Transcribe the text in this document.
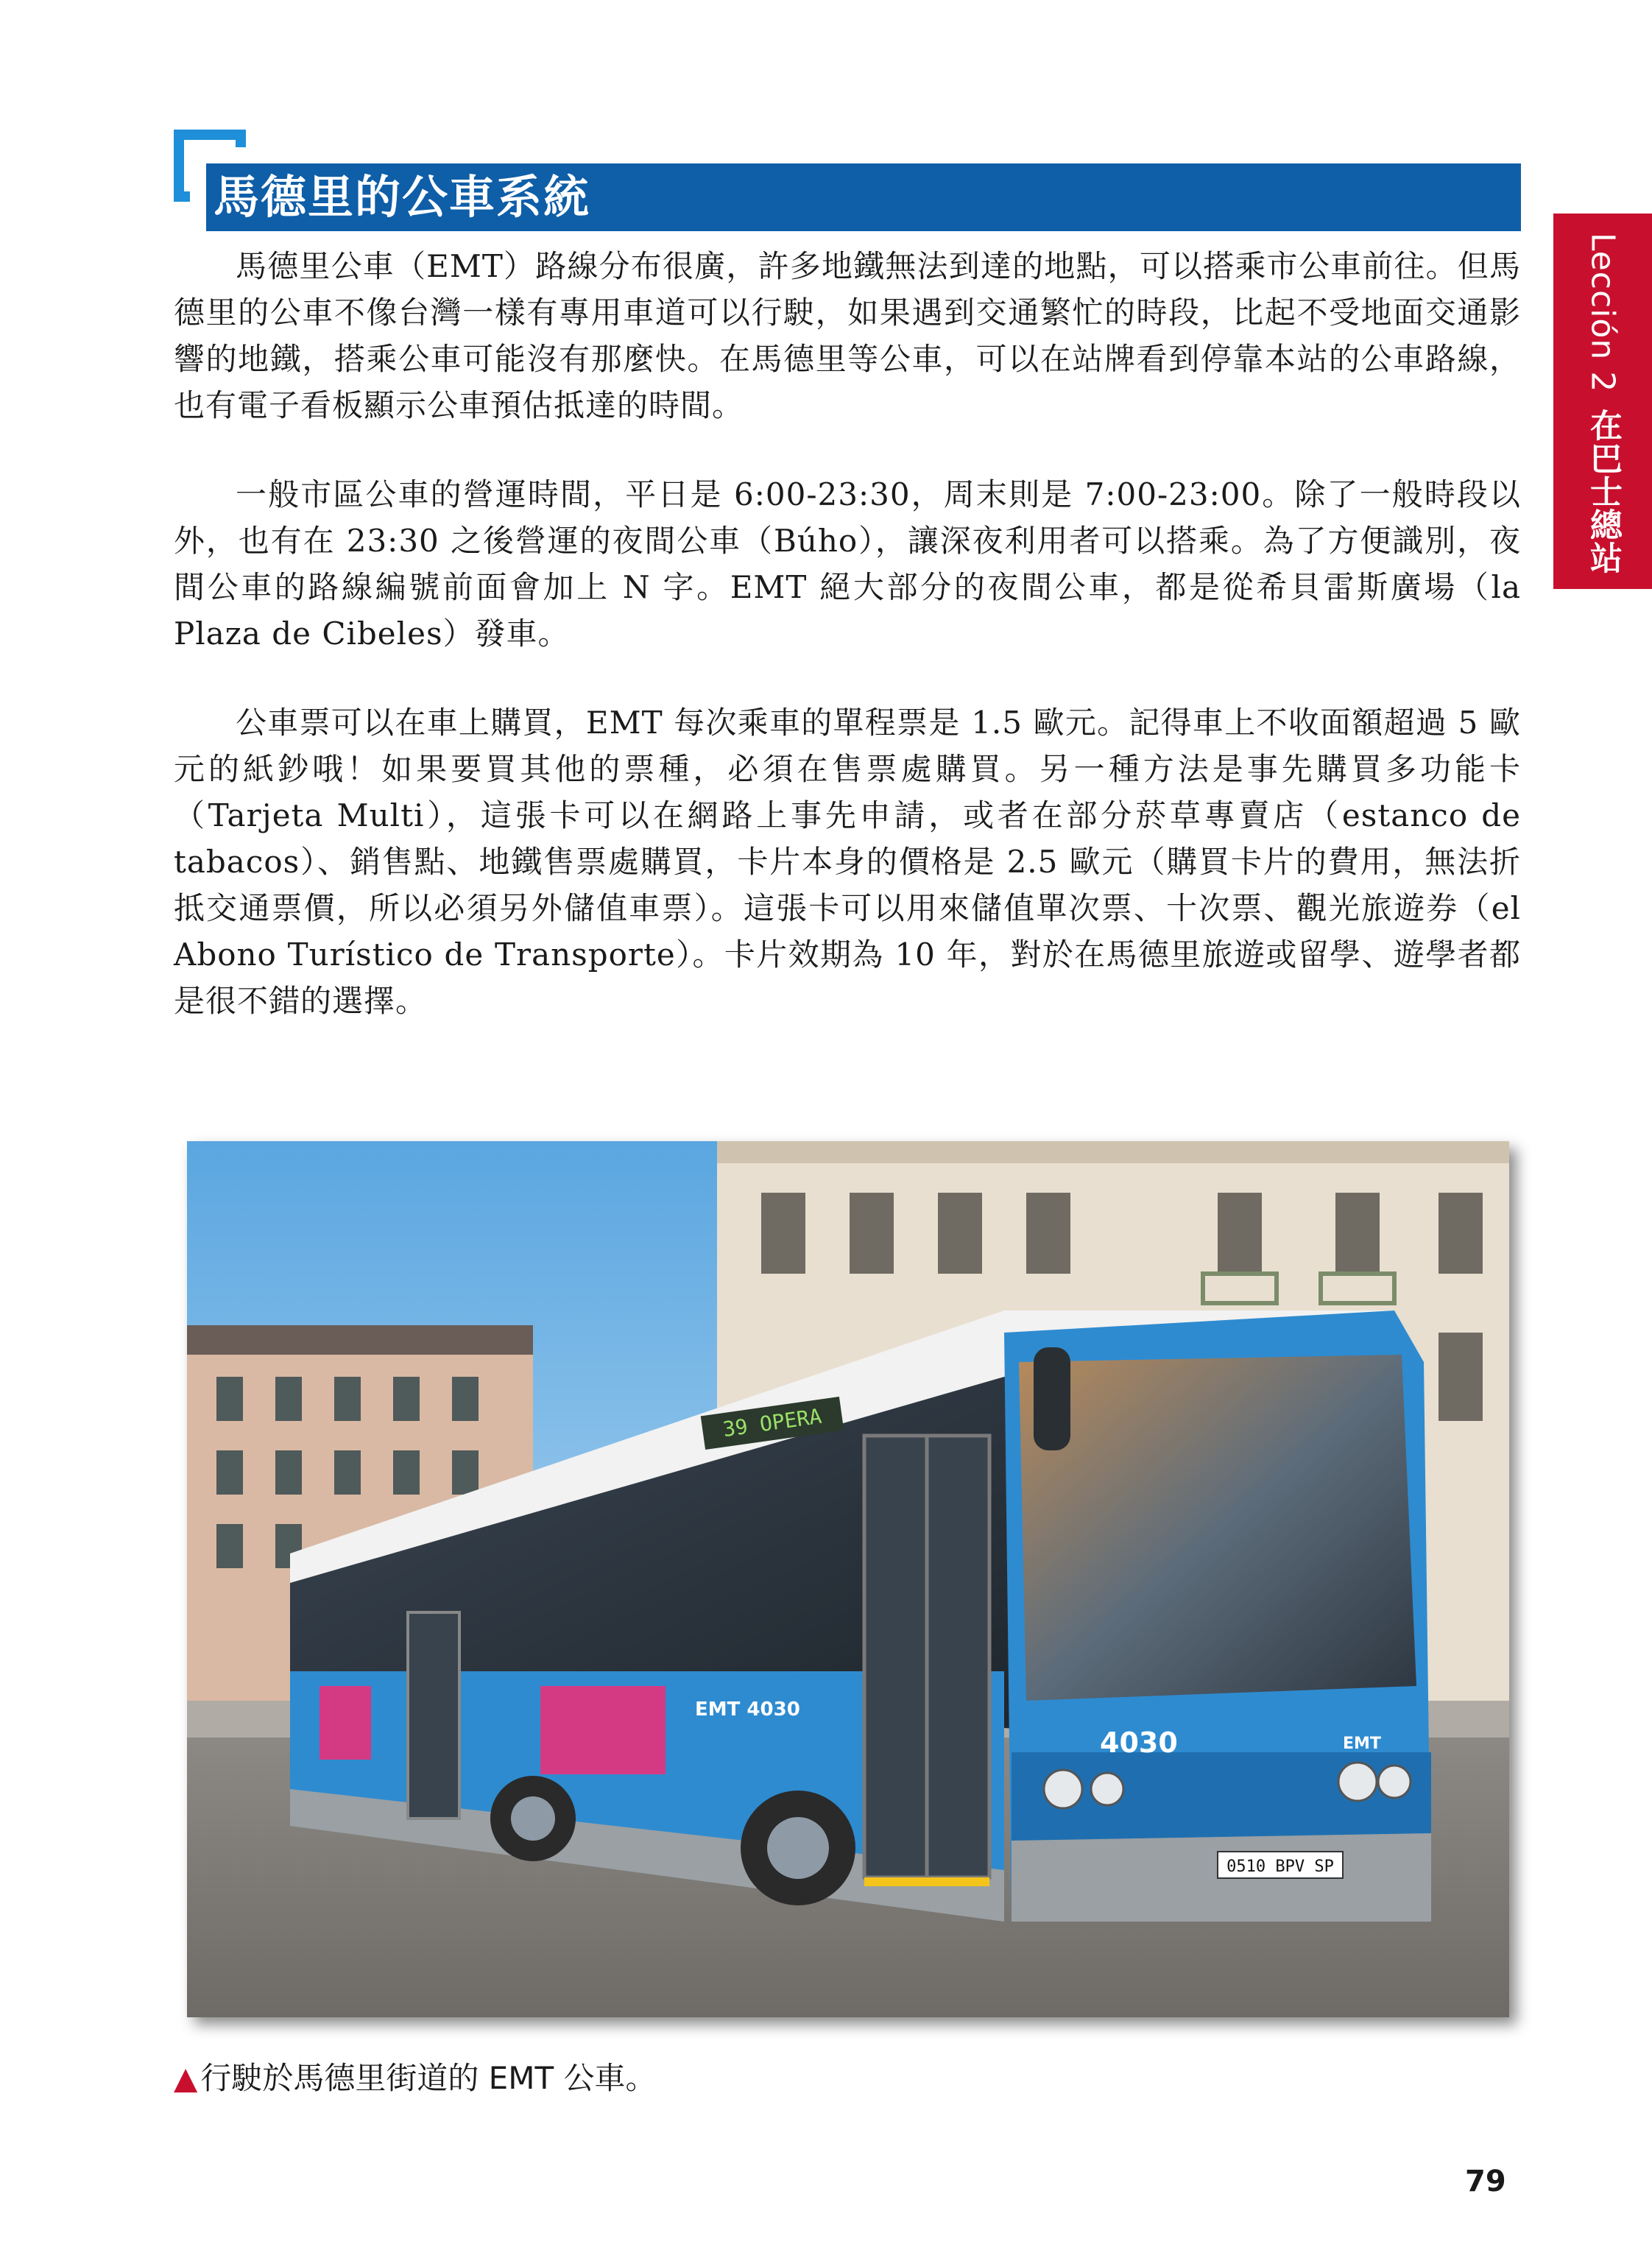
馬德里的公車系統
Lección 2
在巴士總站

馬德里公車（EMT）路線分布很廣，許多地鐵無法到達的地點，可以搭乘市公車前往。但馬德里的公車不像台灣一樣有專用車道可以行駛，如果遇到交通繁忙的時段，比起不受地面交通影響的地鐵，搭乘公車可能沒有那麼快。在馬德里等公車，可以在站牌看到停靠本站的公車路線，也有電子看板顯示公車預估抵達的時間。

一般市區公車的營運時間，平日是 6:00-23:30，周末則是 7:00-23:00。除了一般時段以外，也有在 23:30 之後營運的夜間公車（Búho），讓深夜利用者可以搭乘。為了方便識別，夜間公車的路線編號前面會加上 N 字。EMT 絕大部分的夜間公車，都是從希貝雷斯廣場（la Plaza de Cibeles）發車。

公車票可以在車上購買，EMT 每次乘車的單程票是 1.5 歐元。記得車上不收面額超過 5 歐元的紙鈔哦！如果要買其他的票種，必須在售票處購買。另一種方法是事先購買多功能卡（Tarjeta Multi），這張卡可以在網路上事先申請，或者在部分菸草專賣店（estanco de tabacos）、銷售點、地鐵售票處購買，卡片本身的價格是 2.5 歐元（購買卡片的費用，無法折抵交通票價，所以必須另外儲值車票）。這張卡可以用來儲值單次票、十次票、觀光旅遊券（el Abono Turístico de Transporte）。卡片效期為 10 年，對於在馬德里旅遊或留學、遊學者都是很不錯的選擇。

39 OPERA
EMT 4030
4030	EMT
0510 BPV SP
▲行駛於馬德里街道的 EMT 公車。
79
